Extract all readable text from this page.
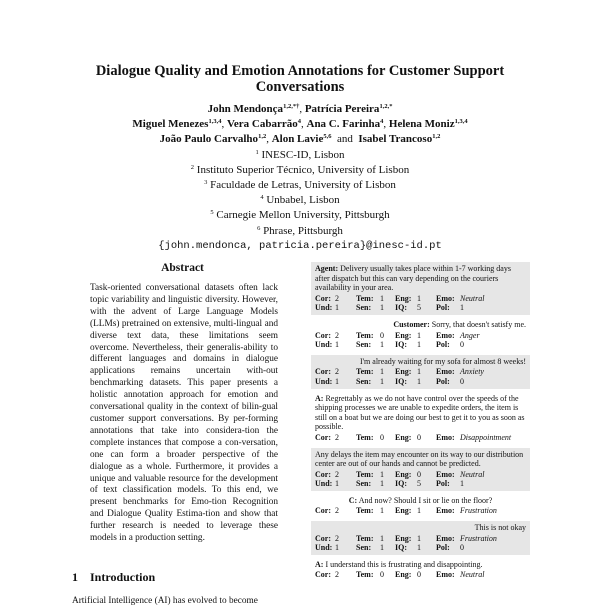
Dialogue Quality and Emotion Annotations for Customer Support
Conversations
John Mendonça$^{1,2,*\dagger}$, Patrícia Pereira$^{1,2,*}$
Miguel Menezes$^{1,3,4}$, Vera Cabarrão$^4$, Ana C. Farinha$^4$, Helena Moniz$^{1,3,4}$
João Paulo Carvalho$^{1,2}$, Alon Lavie$^{5,6}$ and Isabel Trancoso$^{1,2}$
$^1$ INESC-ID, Lisbon
$^2$ Instituto Superior Técnico, University of Lisbon
$^3$ Faculdade de Letras, University of Lisbon
$^4$ Unbabel, Lisbon
$^5$ Carnegie Mellon University, Pittsburgh
$^6$ Phrase, Pittsburgh
{john.mendonca, patricia.pereira}@inesc-id.pt
Abstract
Task-oriented conversational datasets often lack topic variability and linguistic diversity. However, with the advent of Large Language Models (LLMs) pretrained on extensive, multi-lingual and diverse text data, these limitations seem overcome. Nevertheless, their generalis-ability to different languages and domains in dialogue applications remains uncertain with-out benchmarking datasets. This paper presents a holistic annotation approach for emotion and conversational quality in the context of bilin-gual customer support conversations. By per-forming annotations that take into considera-tion the complete instances that compose a con-versation, one can form a broader perspective of the dialogue as a whole. Furthermore, it provides a unique and valuable resource for the development of text classification models. To this end, we present benchmarks for Emo-tion Recognition and Dialogue Quality Estima-tion and show that further research is needed to leverage these models in a production setting.
1 Introduction
Artificial Intelligence (AI) has evolved to become
Agent: Delivery usually takes place within 1-7 working days after dispatch but this can vary depending on the couriers availability in your area.
Cor: 2	Tem: 1	Eng: 1	Emo: Neutral
Und: 1	Sen:	1	IQ:	5	Pol:	1
Customer: Sorry, that doesn't satisfy me.
Cor: 2	Tem: 0	Eng: 1	Emo: Anger
Und: 1	Sen:	1	IQ:	1	Pol:	0
I'm already waiting for my sofa for almost 8 weeks!
Cor: 2	Tem: 1	Eng: 1	Emo: Anxiety
Und: 1	Sen:	1	IQ:	1	Pol:	0
A: Regrettably as we do not have control over the speeds of the shipping processes we are unable to expedite orders, the item is still on a boat but we are doing our best to get it to you as soon as possible.
Cor: 2	Tem: 0	Eng: 0	Emo: Disappointment
Any delays the item may encounter on its way to our distribution center are out of our hands and cannot be predicted.
Cor: 2	Tem: 1	Eng: 0	Emo: Neutral
Und: 1	Sen:	1	IQ:	5	Pol:	1
C: And now? Should I sit or lie on the floor?
Cor: 2	Tem: 1	Eng: 1	Emo: Frustration
This is not okay
Cor: 2	Tem: 1	Eng: 1	Emo: Frustration
Und: 1	Sen:	1	IQ:	1	Pol:	0
A: I understand this is frustrating and disappointing.
Cor: 2	Tem: 0	Eng: 0	Emo: Neutral
